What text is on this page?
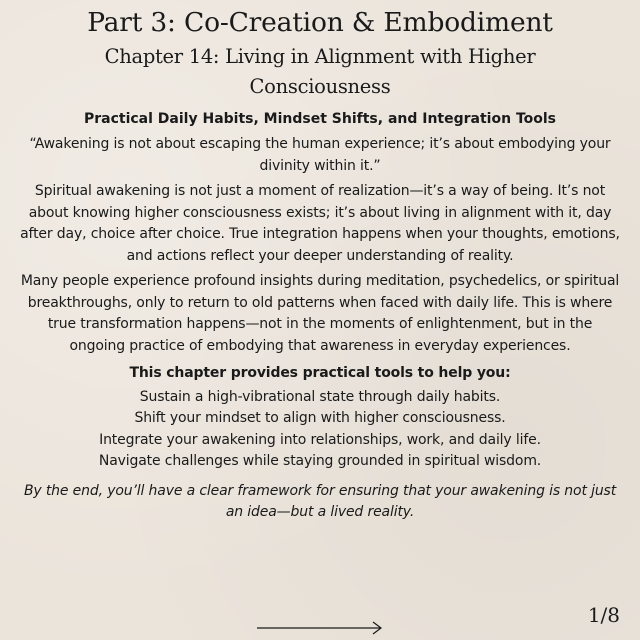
Part 3: Co-Creation & Embodiment
Chapter 14: Living in Alignment with Higher
Consciousness
Practical Daily Habits, Mindset Shifts, and Integration Tools

“Awakening is not about escaping the human experience; it’s about embodying your divinity within it.”

Spiritual awakening is not just a moment of realization—it’s a way of being. It’s not about knowing higher consciousness exists; it’s about living in alignment with it, day after day, choice after choice. True integration happens when your thoughts, emotions, and actions reflect your deeper understanding of reality.

Many people experience profound insights during meditation, psychedelics, or spiritual breakthroughs, only to return to old patterns when faced with daily life. This is where true transformation happens—not in the moments of enlightenment, but in the ongoing practice of embodying that awareness in everyday experiences.

This chapter provides practical tools to help you:

Sustain a high-vibrational state through daily habits.
Shift your mindset to align with higher consciousness.
Integrate your awakening into relationships, work, and daily life.
Navigate challenges while staying grounded in spiritual wisdom.

By the end, you’ll have a clear framework for ensuring that your awakening is not just an idea—but a lived reality.

1/8
